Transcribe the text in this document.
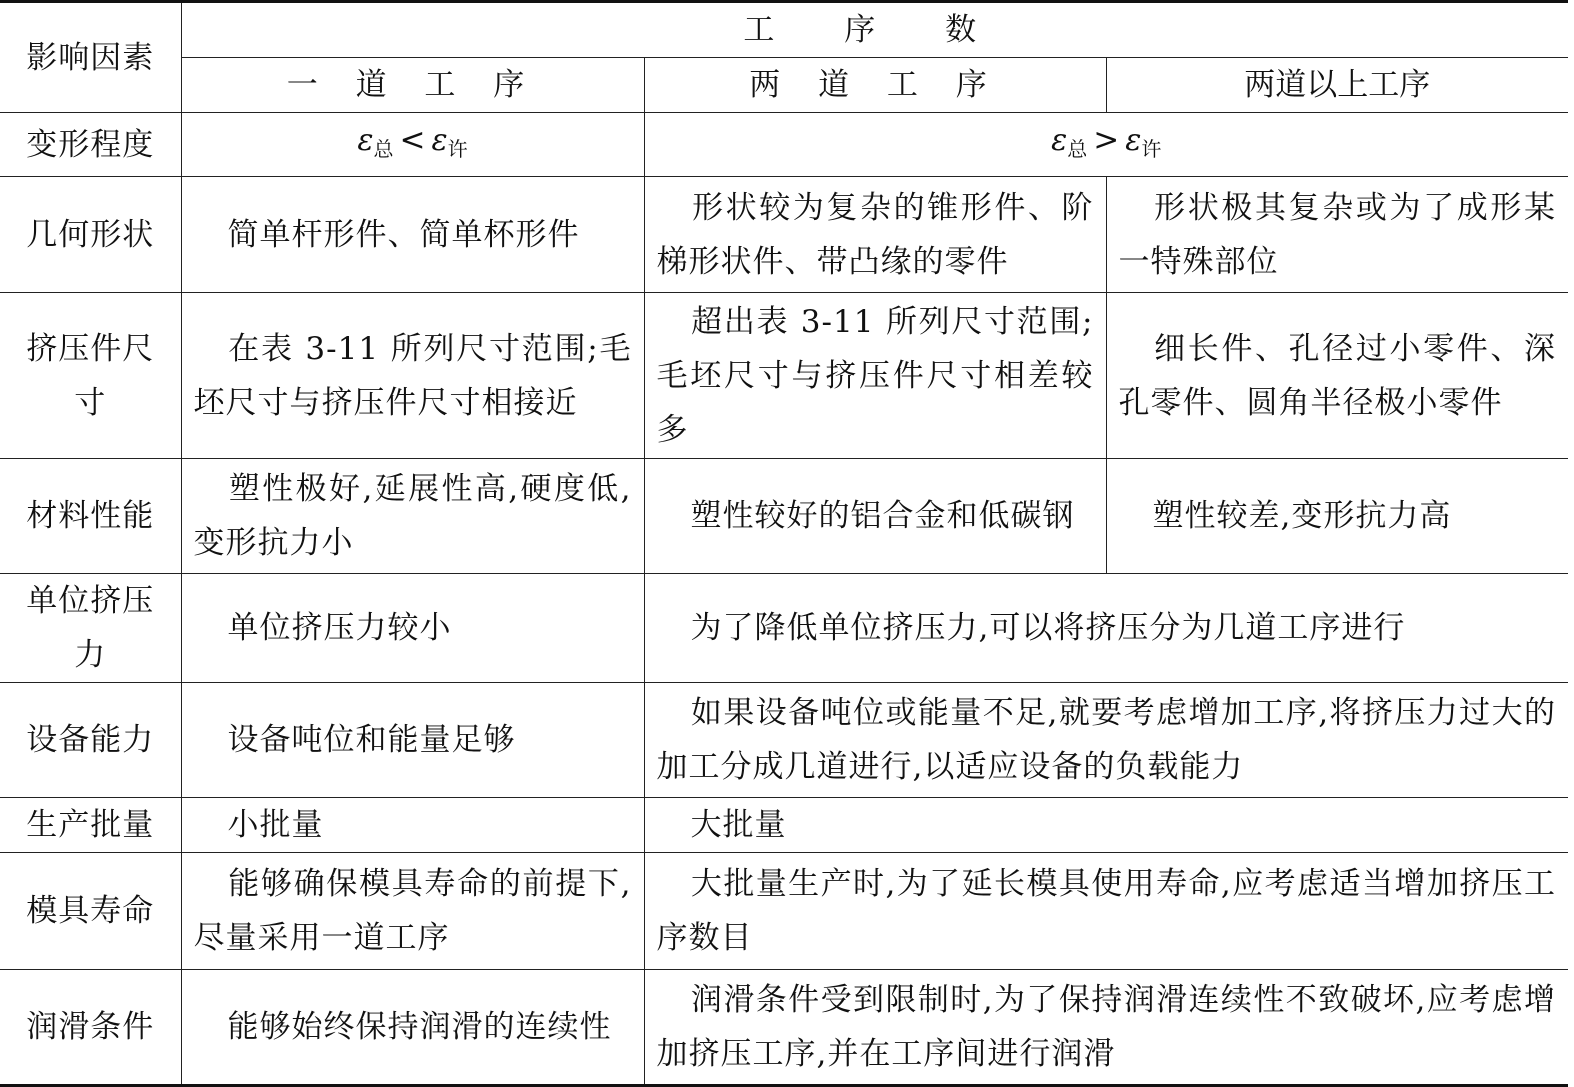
影响因素	工 序 数		
	一 道 工 序	两 道 工 序	两道以上工序
变形程度	$\varepsilon_总 < \varepsilon_许$	$\varepsilon_总 > \varepsilon_许$
几何形状	简单杆形件、简单杯形件	形状较为复杂的锥形件、阶梯形状件、带凸缘的零件	形状极其复杂或为了成形某一特殊部位
挤压件尺寸	在表 3-11 所列尺寸范围;毛坯尺寸与挤压件尺寸相接近	超出表 3-11 所列尺寸范围;毛坯尺寸与挤压件尺寸相差较多	细长件、孔径过小零件、深孔零件、圆角半径极小零件
材料性能	塑性极好,延展性高,硬度低,变形抗力小	塑性较好的铝合金和低碳钢	塑性较差,变形抗力高
单位挤压力	单位挤压力较小	为了降低单位挤压力,可以将挤压分为几道工序进行	
设备能力	设备吨位和能量足够	如果设备吨位或能量不足,就要考虑增加工序,将挤压力过大的加工分成几道进行,以适应设备的负载能力	
生产批量	小批量	大批量	
模具寿命	能够确保模具寿命的前提下,尽量采用一道工序	大批量生产时,为了延长模具使用寿命,应考虑适当增加挤压工序数目	
润滑条件	能够始终保持润滑的连续性	润滑条件受到限制时,为了保持润滑连续性不致破坏,应考虑增加挤压工序,并在工序间进行润滑	
